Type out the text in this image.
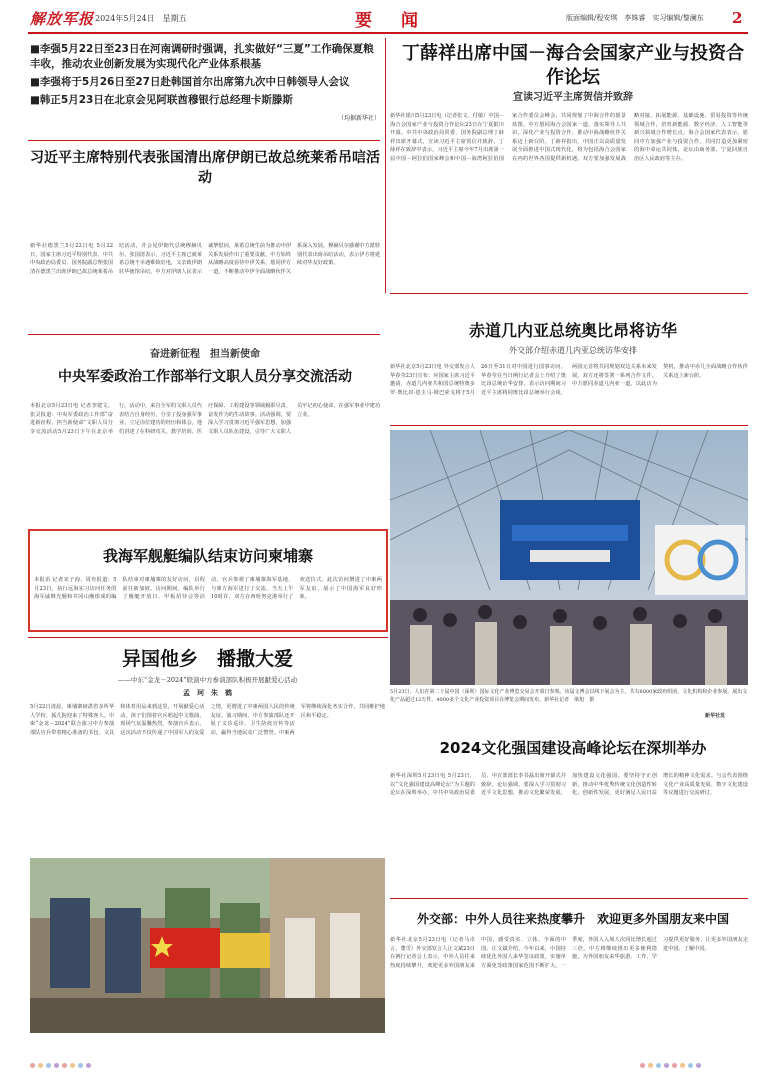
解放军报 2024年5月24日　星期五	要　闻	版面编辑/程安琪　李姝睿　实习编辑/黎澜东 2

■李强5月22日至23日在河南调研时强调，扎实做好“三夏”工作确保夏粮丰收，推动农业创新发展为实现代化产业体系根基

■李强将于5月26日至27日赴韩国首尔出席第九次中日韩领导人会议

■韩正5月23日在北京会见阿联酋穆银行总经理卡斯滕斯

（均据新华社）
丁薛祥出席中国－海合会国家产业与投资合作论坛
宣读习近平主席贺信并致辞
新华社银川5月23日电（记者张文、付敏）中国－海合会国家产业与投资合作论坛23日在宁夏银川开幕。中共中央政治局常委、国务院副总理丁薛祥出席开幕式，宣读习近平主席贺信并致辞。丁薛祥在致辞中表示，习近平主席今年7月出席第一届中国－阿拉伯国家峰会和中国－海湾阿拉伯国家合作委员会峰会，共同规划了中海合作的愿景蓝图。中方愿同海合会国家一道，落实领导人共识，深化产业与投资合作，推动中海战略伙伴关系迈上新台阶。丁薛祥指出，中国正以高质量发展全面推进中国式现代化，将为包括海合会国家在内的世界各国提供新机遇。双方要加强发展战略对接，拓展能源、基础设施、贸易投资等传统领域合作，培育新能源、数字经济、人工智能等新兴领域合作增长点。海合会国家代表表示，愿同中方加强产业与投资合作，共同打造更加紧密的海中命运共同体。论坛由商务部、宁夏回族自治区人民政府等主办。
习近平主席特别代表张国清出席伊朗已故总统莱希吊唁活动
新华社德黑兰5月22日电 5月22日，国家主席习近平特别代表、中共中央政治局委员、国务院副总理张国清在德黑兰出席伊朗已故总统莱希吊唁活动，并会见伊朗代总统穆赫贝尔。张国清表示，习近平主席已就莱希总统不幸遇难致唁电，又亲致伊朗驻华使馆吊唁。中方对伊朗人民表示诚挚慰问。莱希总统生前为推动中伊关系发展作出了重要贡献，中方始终从战略高度看待中伊关系，愿同伊方一道，不断推动中伊全面战略伙伴关系深入发展。穆赫贝尔感谢中方派特别代表出席吊唁活动，表示伊方将延续对华友好政策。
赤道几内亚总统奥比昂将访华
外交部介绍赤道几内亚总统访华安排
新华社北京5月23日电 外交部发言人华春莹23日宣布：应国家主席习近平邀请，赤道几内亚共和国总统特奥多罗·奥比昂·恩圭马·姆巴索戈将于5月26日至31日对中国进行国事访问。华春莹在当日例行记者会上介绍了奥比昂总统访华安排，表示访问期间习近平主席将同奥比昂总统举行会谈，两国元首将共同规划双边关系未来发展。双方还将签署一系列合作文件。中方愿同赤道几内亚一道，以此访为契机，推动中赤几全面战略合作伙伴关系迈上新台阶。
奋进新征程　担当新使命
中央军委政治工作部举行文职人员分享交流活动
本报北京5月23日电 记者李建文、张灵报道：中央军委政治工作部“奋进新征程、担当新使命”文职人员分享交流活动5月23日下午在北京举行。活动中，来自全军的文职人员代表结合自身经历，分享了投身强军事业、立足岗位建功的经历和体会。他们讲述了在科研攻关、教学培训、医疗保障、工程建设等领域履职尽责、奋发作为的生动故事。活动强调，要深入学习贯彻习近平强军思想，加强文职人员队伍建设，引导广大文职人员牢记初心使命，在强军事业中建功立业。
我海军舰艇编队结束访问柬埔寨
本报讯 记者宋子洵、周舟报道：5月23日，执行远海实习访问任务的海军戚继光舰和井冈山舰组成的编队结束对柬埔寨的友好访问，启程前往新加坡。访问期间，编队举行了舰艇开放日、甲板招待会等活动，官兵参观了柬埔寨海军基地，与柬方海军进行了交流。当天上午10时许，双方在西哈努克港举行了欢送仪式。此次访问增进了中柬两军友谊，展示了中国海军良好形象。
5月23日，人们在第二十届中国（深圳）国际文化产业博览交易会开幕日参观。该届文博会以线下展会为主，共有6000家政府组团、文化机构和企业参展，展出文化产品超过12万件。4000多个文化产业投资项目在博览会期间发布。新华社记者　梁旭　摄
新华社发
异国他乡　播撒大爱
——中东“金龙－2024”联演中方参演部队积极开展献爱心活动
孟　珂　朱　鹤
5月22日清晨，柬埔寨磅湛省多所华人学校、孤儿院迎来了特殊客人。中柬“金龙－2024”联合演习中方参演部队官兵带着精心准备的书包、文具和体育用品来到这里，开展献爱心活动。孩子们围着官兵唱起中文歌曲，现场气氛温馨热烈。参演官兵表示，这次活动不仅传递了中国军人的友爱之情，更增进了中柬两国人民的传统友谊。演习期间，中方参演部队还开展了义诊巡诊、卫生防疫宣传等活动，赢得当地民众广泛赞誉。中柬两军将继续深化务实合作，共同维护地区和平稳定。
2024文化强国建设高峰论坛在深圳举办
新华社深圳5月23日电 5月23日，以“文化强国建设高峰论坛”为主题的论坛在深圳举办。中共中央政治局委员、中宣部部长李书磊出席开幕式并致辞。论坛强调，要深入学习贯彻习近平文化思想，推动文化繁荣发展，加快建设文化强国。要坚持守正创新，推动中华优秀传统文化创造性转化、创新性发展，更好满足人民日益增长的精神文化需求。与会代表围绕文化产业高质量发展、数字文化建设等议题进行交流研讨。
外交部：中外人员往来热度攀升　欢迎更多外国朋友来中国
新华社北京5月23日电（记者马卓言、董雪）外交部发言人汪文斌23日在例行记者会上表示，中外人员往来热度持续攀升，欢迎更多外国朋友来中国，感受真实、立体、全面的中国。汪文斌介绍，今年以来，中国持续优化外国人来华签证政策，实施单方面免签政策国家范围不断扩大。一季度，外国人入境人次同比增长超过三倍。中方将继续推出更多便利措施，为外国朋友来华旅游、工作、学习提供更好服务，让更多外国朋友走进中国、了解中国。
